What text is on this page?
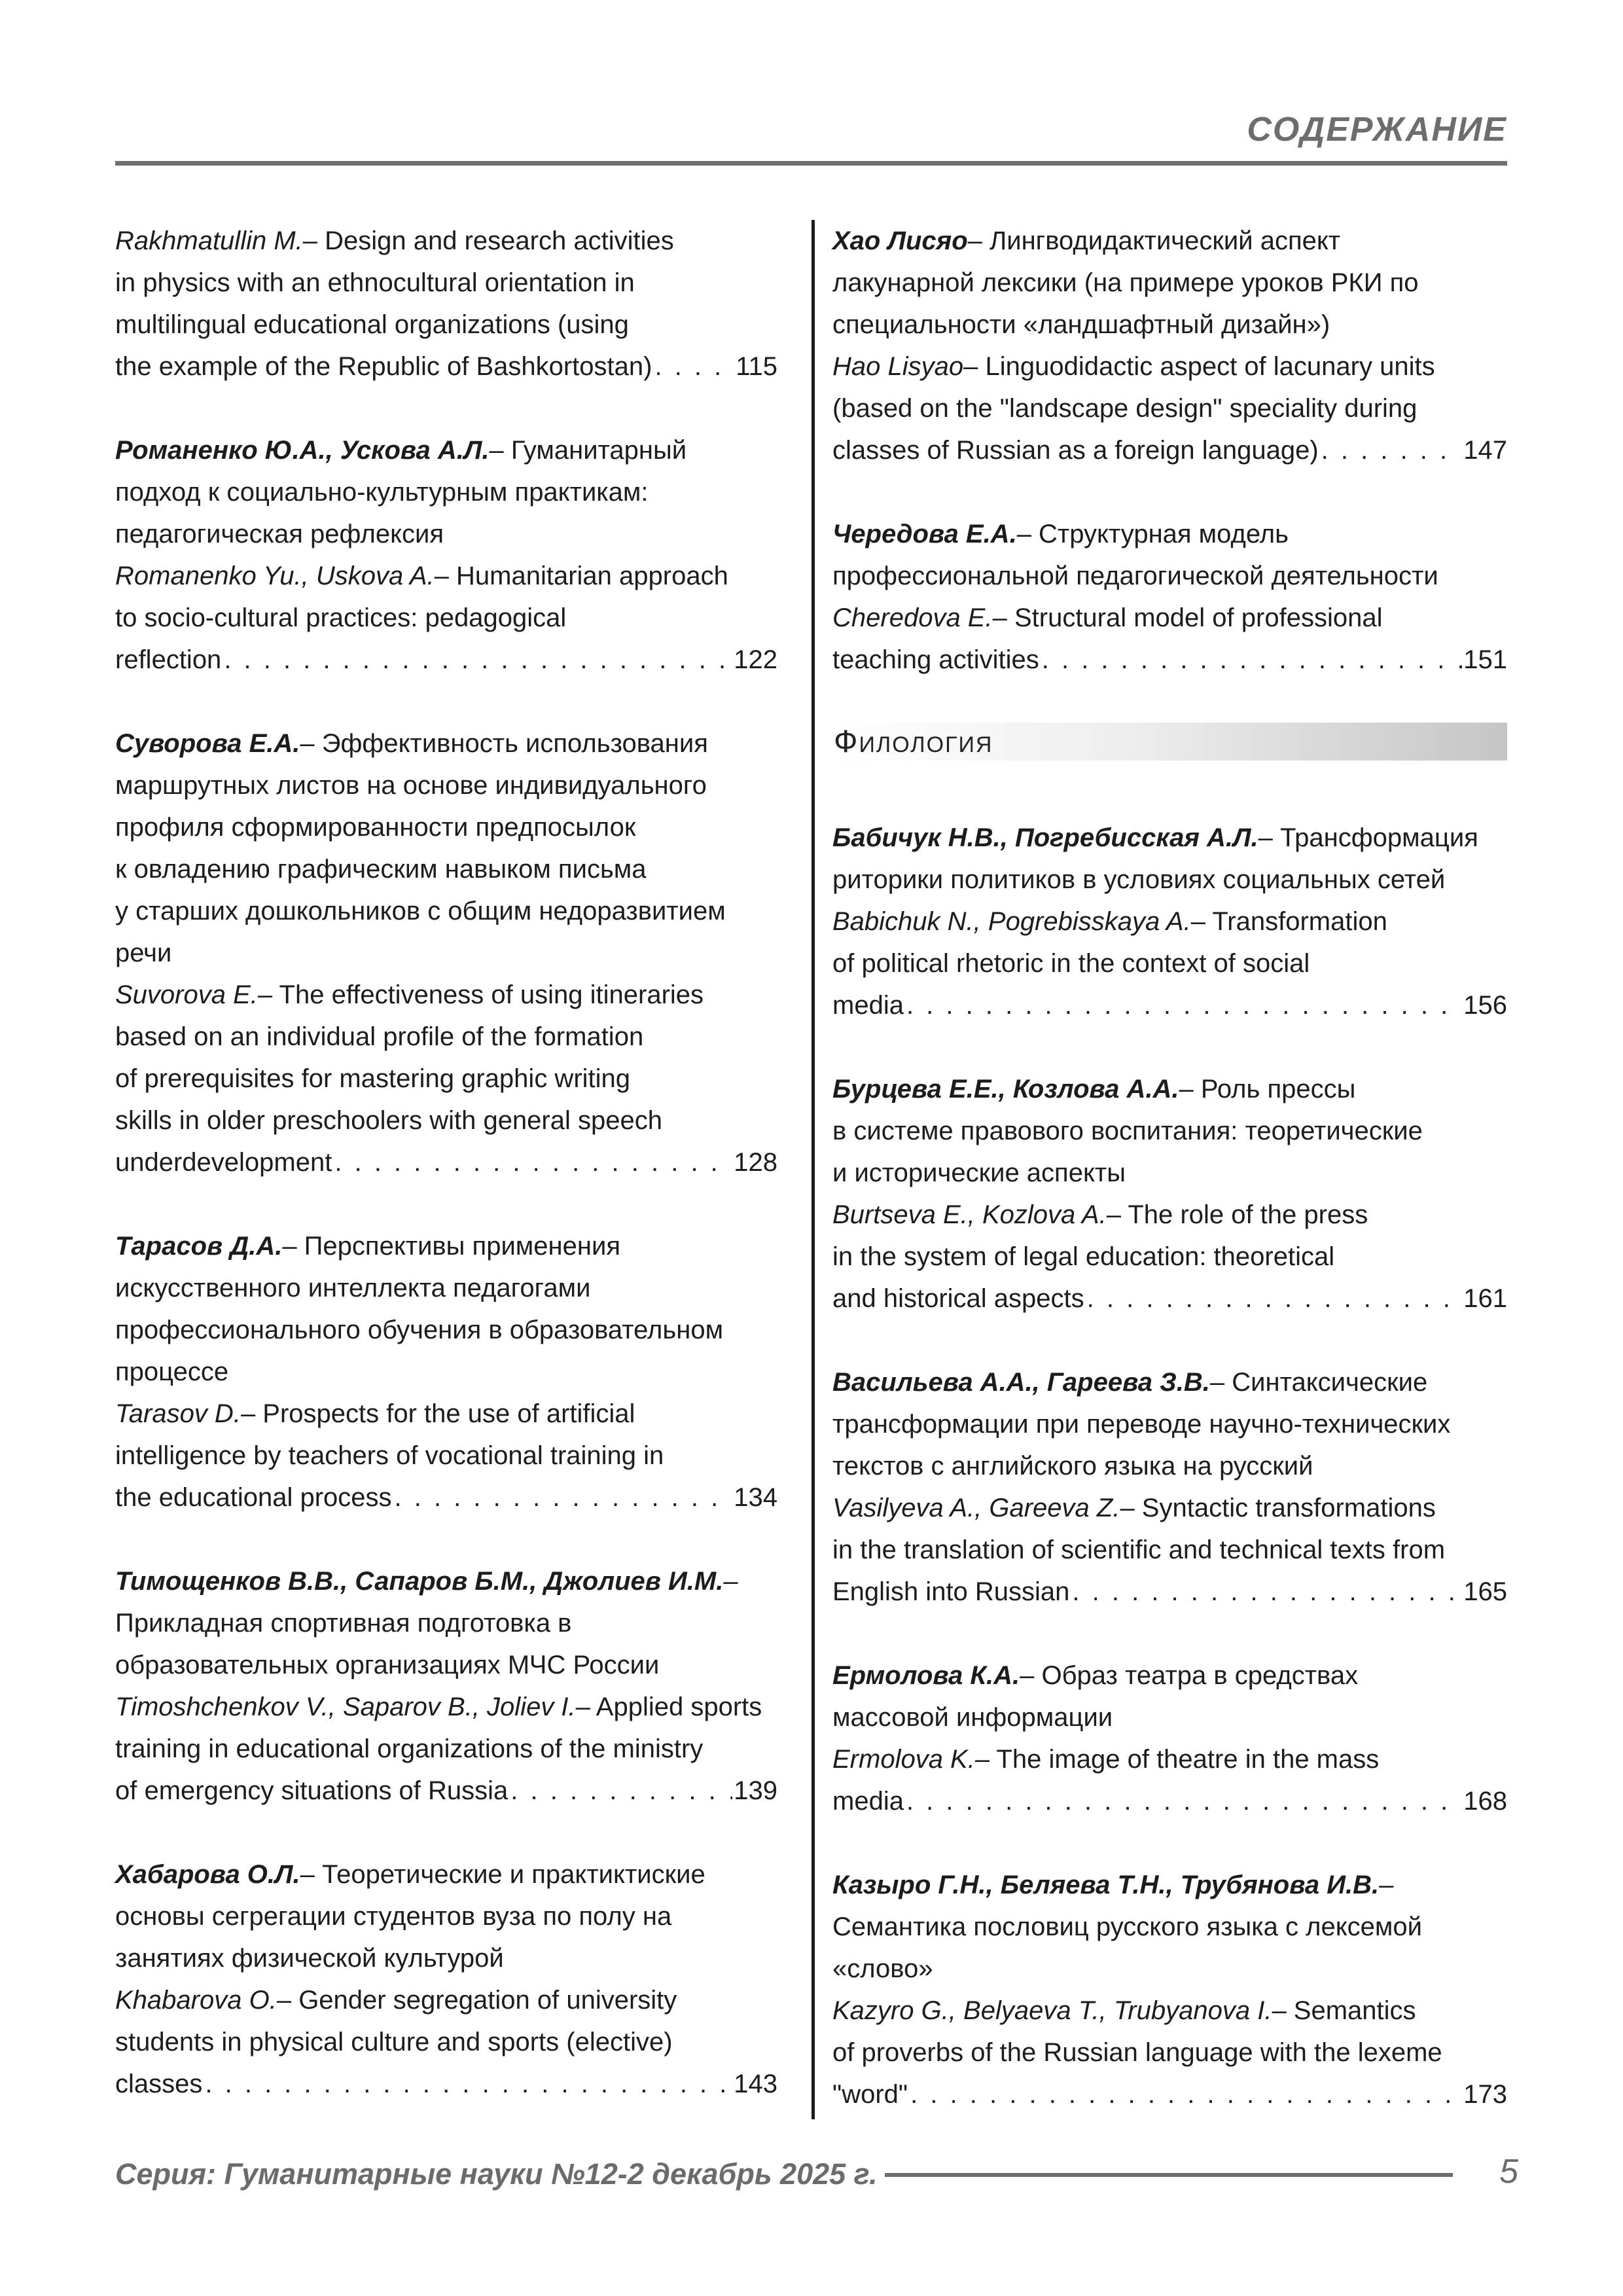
СОДЕРЖАНИЕ
Rakhmatullin M. – Design and research activities
in physics with an ethnocultural orientation in
multilingual educational organizations (using
the example of the Republic of Bashkortostan) . . .	115
Романенко Ю.А., Ускова А.Л. – Гуманитарный
подход к социально-культурным практикам:
педагогическая рефлексия
Romanenko Yu., Uskova A. – Humanitarian approach
to socio-cultural practices: pedagogical
reflection . . .	122
Суворова Е.А. – Эффективность использования
маршрутных листов на основе индивидуального
профиля сформированности предпосылок
к овладению графическим навыком письма
у старших дошкольников с общим недоразвитием
речи
Suvorova E. – The effectiveness of using itineraries
based on an individual profile of the formation
of prerequisites for mastering graphic writing
skills in older preschoolers with general speech
underdevelopment . . .	128
Тарасов Д.А. – Перспективы применения
искусственного интеллекта педагогами
профессионального обучения в образовательном
процессе
Tarasov D. – Prospects for the use of artificial
intelligence by teachers of vocational training in
the educational process . . .	134
Тимощенков В.В., Сапаров Б.М., Джолиев И.М. –
Прикладная спортивная подготовка в
образовательных организациях МЧС России
Timoshchenkov V., Saparov B., Joliev I. – Applied sports
training in educational organizations of the ministry
of emergency situations of Russia . . .	139
Хабарова О.Л. – Теоретические и практиктиские
основы сегрегации студентов вуза по полу на
занятиях физической культурой
Khabarova O. – Gender segregation of university
students in physical culture and sports (elective)
classes . . .	143
Хао Лисяо – Лингводидактический аспект
лакунарной лексики (на примере уроков РКИ по
специальности «ландшафтный дизайн»)
Hao Lisyao – Linguodidactic aspect of lacunary units
(based on the "landscape design" speciality during
classes of Russian as a foreign language) . . .	147
Чередова Е.А. – Структурная модель
профессиональной педагогической деятельности
Cheredova E. – Structural model of professional
teaching activities . . .	151
Филология
Бабичук Н.В., Погребисская А.Л. – Трансформация
риторики политиков в условиях социальных сетей
Babichuk N., Pogrebisskaya A. – Transformation
of political rhetoric in the context of social
media . . .	156
Бурцева Е.Е., Козлова А.А. – Роль прессы
в системе правового воспитания: теоретические
и исторические аспекты
Burtseva E., Kozlova A. – The role of the press
in the system of legal education: theoretical
and historical aspects . . .	161
Васильева А.А., Гареева З.В. – Синтаксические
трансформации при переводе научно-технических
текстов с английского языка на русский
Vasilyeva A., Gareeva Z. – Syntactic transformations
in the translation of scientific and technical texts from
English into Russian . . .	165
Ермолова К.А. – Образ театра в средствах
массовой информации
Ermolova K. – The image of theatre in the mass
media . . .	168
Казыро Г.Н., Беляева Т.Н., Трубянова И.В. –
Семантика пословиц русского языка с лексемой
«слово»
Kazyro G., Belyaeva T., Trubyanova I. – Semantics
of proverbs of the Russian language with the lexeme
"word" . . .	173
Серия: Гуманитарные науки №12-2 декабрь 2025 г.	5
